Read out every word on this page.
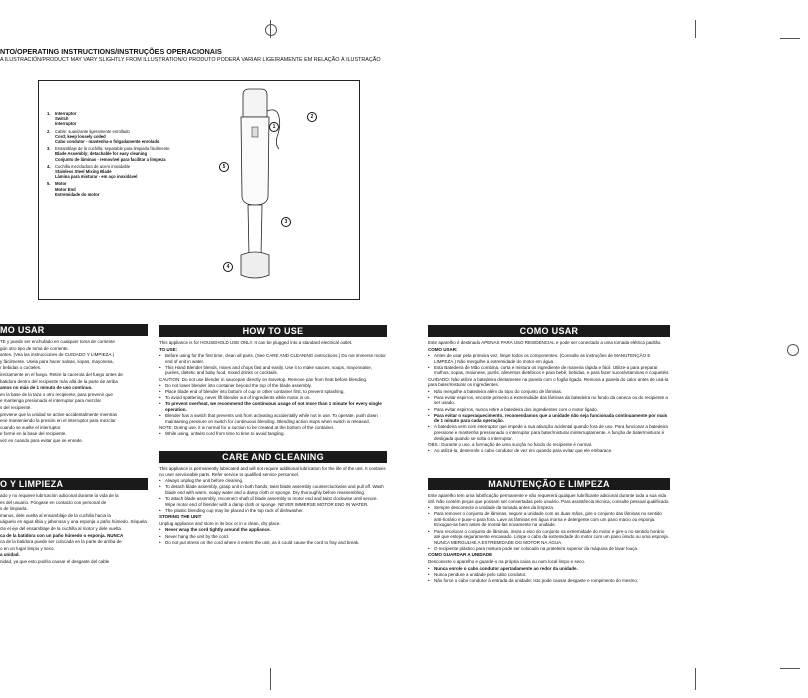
NTO/OPERATING INSTRUCTIONS/INSTRUÇÕES OPERACIONAIS
A ILUSTRACIÓN/PRODUCT MAY VARY SLIGHTLY FROM ILLUSTRATION/O PRODUTO PODERÁ VARIAR LIGEIRAMENTE EM RELAÇÃO À ILUSTRAÇÃO
1.	Interruptor
Switch
Interruptor
2.	Cable: suavizante ligeramente enrollado
Cord; keep loosely coiled
Cabo condutor - mantenha-o folgadamente enrolado
3.	Ensamblaje de la cuchilla; separable para limpiarla fácilmente
Blade Assembly; detachable for easy cleaning
Conjunto de lâminas - removível para facilitar a limpeza
4.	Cuchilla mezcladora de acero inoxidable
Stainless Steel Mixing Blade
Lâmina para misturar - em aço inoxidável
5.	Motor
Motor End
Extremidade do motor
1
2
5
3
4
MO USAR

TE y puede ser enchufado en cualquier toma de corriente

gún otro tipo de toma de corriente.

antes. (Vea las instrucciones de CUIDADO Y LIMPIEZA.)

y fácilmente. Usela para hacer salsas, sopas, mayonesa,

r bebidas o cocteles.

irectamente en el fuego. Retire la cacerola del fuego antes de

batidora dentro del recipiente más allá de la parte de arriba

amos no más de 1 minuto de uso continuo.

en la base de la taza o otro recipiente, para prevenir que

e mantenga presionado el interruptor para mezclar

s del recipiente.

previene que la unidad se active accidentalmente mientras

ene manteniendo la presión en el interruptor para mezclar

cuando se suelte el interruptor.

e forme en la base del recipiente.

vez en cuando para evitar que se enrede.

O Y LIMPIEZA

ado y no requiere lubricación adicional durante la vida de la

es del usuario. Póngase en contacto con personal de

s de limpiarla.

manos, dele vuelta al ensamblaje de la cuchilla hacia la

uáguelo en agua tibia y jabonosa y una esponja o paño húmedo. Séquela

cte el eje del ensamblaje de la cuchilla al motor y dele vuelta

ca de la batidora con un paño húmedo o esponja. NUNCA

ca de la batidora puede ser colocada en la parte de arriba de

o en un lugar limpio y seco.

a unidad.

nidad, ya que esto podría causar el desgaste del cable

HOW TO USE

This appliance is for HOUSEHOLD USE ONLY. It can be plugged into a standard electrical outlet.

TO USE:

• Before using for the first time, clean all parts. (See CARE AND CLEANING instructions.) Do not immerse motor end of unit in water.
• This Hand Blender blends, mixes and chops fast and easily. Use it to make sauces, soups, mayonnaise, purées, dietetic and baby food, mixed drinks or cocktails.

CAUTION: Do not use blender in saucepan directly on stovetop. Remove pan from heat before blending.

• Do not lower blender into container beyond the top of the blade assembly.
• Place blade end of blender into bottom of cup or other container first, to prevent splashing.
• To avoid spattering, never lift blender out of ingredients while motor is on.
• To prevent overheat, we recommend the continuous usage of not more than 1 minute for every single operation.
• Blender has a switch that prevents unit from activating accidentally while not in use. To operate, push down maintaining pressure on switch for continuous blending. Blending action stops when switch is released.

NOTE: During use, it is normal for a suction to be created at the bottom of the container.

• While using, untwist cord from time to time to avoid tangling.
CARE AND CLEANING

This appliance is permanently lubricated and will not require additional lubrication for the life of the unit. It contains no user serviceable parts. Refer service to qualified service personnel.

• Always unplug the unit before cleaning.
• To detach blade assembly, grasp unit in both hands, twist blade assembly counterclockwise and pull off. Wash blade end with warm, soapy water and a damp cloth or sponge. Dry thoroughly before reassembling.
• To attach blade assembly, reconnect shaft of blade assembly to motor end and twist clockwise until secure. Wipe motor end of blender with a damp cloth or sponge. NEVER IMMERSE MOTOR END IN WATER.
• The plastic blending cup may be placed in the top rack of dishwasher.

STORING THE UNIT

Unplug appliance and store in its box or in a clean, dry place.

• Never wrap the cord tightly around the appliance.
• Never hang the unit by the cord.
• Do not put stress on the cord where it enters the unit, as it could cause the cord to fray and break.
COMO USAR

Este aparelho é destinado APENAS PARA USO RESIDENCIAL e pode ser conectado a uma tomada elétrica padrão.

COMO USAR:

• Antes de usar pela primeira vez, limpe todos os componentes. (Consulte as instruções de MANUTENÇÃO E LIMPEZA.) Não mergulhe a extremidade do motor em água.
• Esta Batedeira de Mão combina, corta e mistura os ingrediente de maneira rápida e fácil. Utilize-a para preparar molhos, sopas, maionese, purês, alimentos dietéticos e para bebê, bebidas, e para fazer sucos/vitaminas e coquetéis.

CUIDADO: Não utilize a batedeira diretamente na panela com o fogão ligado. Remova a panela do calor antes de usá-la para bater/misturar os ingredientes.

• Não mergulhe a batedeira além do topo do conjunto de lâminas.
• Para evitar espirros, encoste primeiro a extremidade das lâminas da batedeira no fundo da caneca ou do recipiente a ser usado.
• Para evitar espirros, nunca retire a batedeira dos ingredientes com o motor ligado.
• Para evitar o superaquecimento, recomendamos que a unidade não seja funcionada continuamente por mais de 1 minuto para cada operação.
• A batedeira vem com interruptor que impede a sua ativação acidental quando fora de uso. Para funcionar a batedeira pressione e mantenha pressionado o interruptor para bater/misturar ininterruptamente. A função de bater/misturar é desligada quando se solta o interruptor.

OBS.: Durante o uso, a formação de uma sucção no fundo do recipiente é normal.

• Ao utilizá-la, desenrole o cabo condutor de vez em quando para evitar que ele embarace.
MANUTENÇÃO E LIMPEZA

Este aparelho tem uma lubrificação permanente e não requererá qualquer lubrificante adicional durante toda a sua vida útil. Não contém peças que possam ser consertadas pelo usuário. Para assistência técnica, consulte pessoal qualificado.

• Sempre desconecte a unidade da tomada antes da limpeza.
• Para remover o conjunto de lâminas, segure a unidade com as duas mãos, gire o conjunto das lâminas no sentido anti-horário e puxe-o para fora. Lave as lâminas em água morna e detergente com um pano macio ou esponja. Enxugue-as bem antes de montá-las novamente na unidade.
• Para recolocar o conjunto de lâminas, insira o eixo do conjunto na extremidade do motor e gire-o no sentido horário até que esteja seguramente encaixado. Limpe o cabo da extremidade do motor com um pano úmido ou uma esponja. NUNCA MERGULHE A EXTREMIDADE DO MOTOR NA ÁGUA.
• O recipiente plástico para mistura pode ser colocado na prateleira superior da máquina de lavar louça.

COMO GUARDAR A UNIDADE

Desconecte o aparelho e guarde-o na própria caixa ou num local limpo e seco.

• Nunca enrole o cabo condutor apertadamente ao redor da unidade.
• Nunca pendure a unidade pelo cabo condutor.
• Não force o cabo condutor à entrada da unidade; isto pode causar desgaste e rompimento do mesmo.
